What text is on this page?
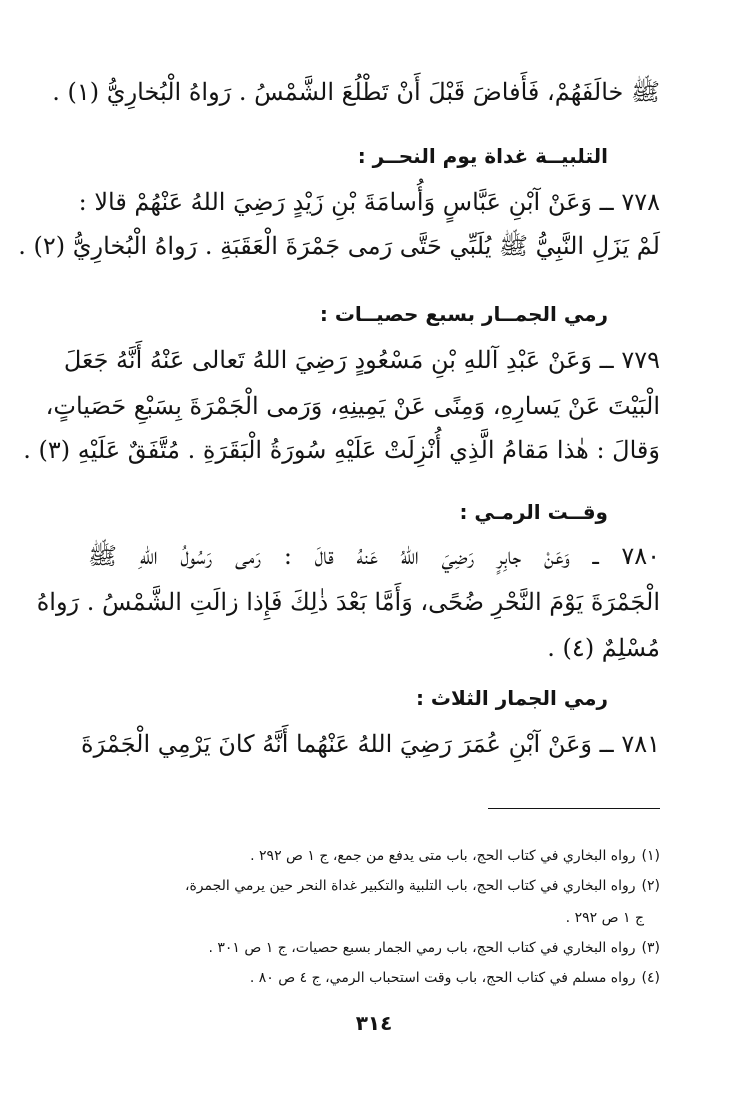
ﷺ خالَفَهُمْ، فَأَفاضَ قَبْلَ أَنْ تَطْلُعَ الشَّمْسُ . رَواهُ الْبُخارِيُّ (١) .
التلبيــة غداة يوم النحــر :
٧٧٨ ــ وَعَنْ آبْنِ عَبَّاسٍ وَأُسامَةَ بْنِ زَيْدٍ رَضِيَ اللهُ عَنْهُمْ قالا :
لَمْ يَزَلِ النَّبِيُّ ﷺ يُلَبِّي حَتَّى رَمى جَمْرَةَ الْعَقَبَةِ . رَواهُ الْبُخارِيُّ (٢) .
رمي الجمــار بسبع حصيــات :
٧٧٩ ــ وَعَنْ عَبْدِ آللهِ بْنِ مَسْعُودٍ رَضِيَ اللهُ تَعالى عَنْهُ أَنَّهُ جَعَلَ
الْبَيْتَ عَنْ يَسارِهِ، وَمِنًى عَنْ يَمِينِهِ، وَرَمى الْجَمْرَةَ بِسَبْعِ حَصَياتٍ،
وَقالَ : هٰذا مَقامُ الَّذِي أُنْزِلَتْ عَلَيْهِ سُورَةُ الْبَقَرَةِ . مُتَّفَقٌ عَلَيْهِ (٣) .
وقــت الرمـي :
٧٨٠ ــ وَعَنْ جابِرٍ رَضِيَ اللهُ عَنهُ قالَ : رَمى رَسُولُ اللهِ ﷺ
الْجَمْرَةَ يَوْمَ النَّحْرِ ضُحًى، وَأَمَّا بَعْدَ ذٰلِكَ فَإِذا زالَتِ الشَّمْسُ . رَواهُ
مُسْلِمٌ (٤) .
رمي الجمار الثلاث :
٧٨١ ــ وَعَنْ آبْنِ عُمَرَ رَضِيَ اللهُ عَنْهُما أَنَّهُ كانَ يَرْمِي الْجَمْرَةَ
(١)رواه البخاري في كتاب الحج، باب متى يدفع من جمع، ج ١ ص ٢٩٢ .
(٢)رواه البخاري في كتاب الحج، باب التلبية والتكبير غداة النحر حين يرمي الجمرة،
ج ١ ص ٢٩٢ .
(٣)رواه البخاري في كتاب الحج، باب رمي الجمار بسبع حصيات، ج ١ ص ٣٠١ .
(٤)رواه مسلم في كتاب الحج، باب وقت استحباب الرمي، ج ٤ ص ٨٠ .
٣١٤
